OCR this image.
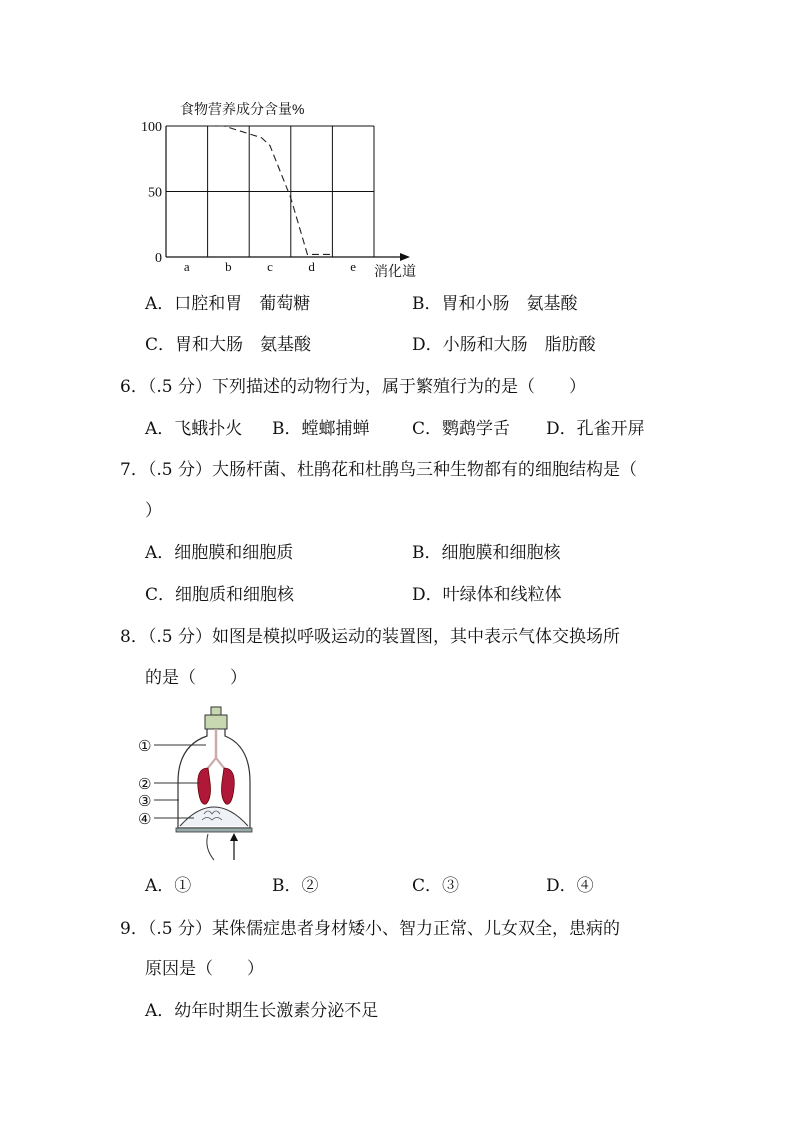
食物营养成分含量%
100
50
0
a	b	c	d	e 消化道
A．口腔和胃　葡萄糖	B．胃和小肠　氨基酸
C．胃和大肠　氨基酸	D．小肠和大肠　脂肪酸
6．（.5 分）下列描述的动物行为，属于繁殖行为的是（　　）
A．飞蛾扑火 B．螳螂捕蝉	C．鹦鹉学舌 D．孔雀开屏
7．（.5 分）大肠杆菌、杜鹃花和杜鹃鸟三种生物都有的细胞结构是（
）
A．细胞膜和细胞质	B．细胞膜和细胞核
C．细胞质和细胞核	D．叶绿体和线粒体
8．（.5 分）如图是模拟呼吸运动的装置图，其中表示气体交换场所
的是（　　）
①
②
③
④
A．①	B．②	C．③	D．④
9．（.5 分）某侏儒症患者身材矮小、智力正常、儿女双全，患病的
原因是（　　）
A．幼年时期生长激素分泌不足
